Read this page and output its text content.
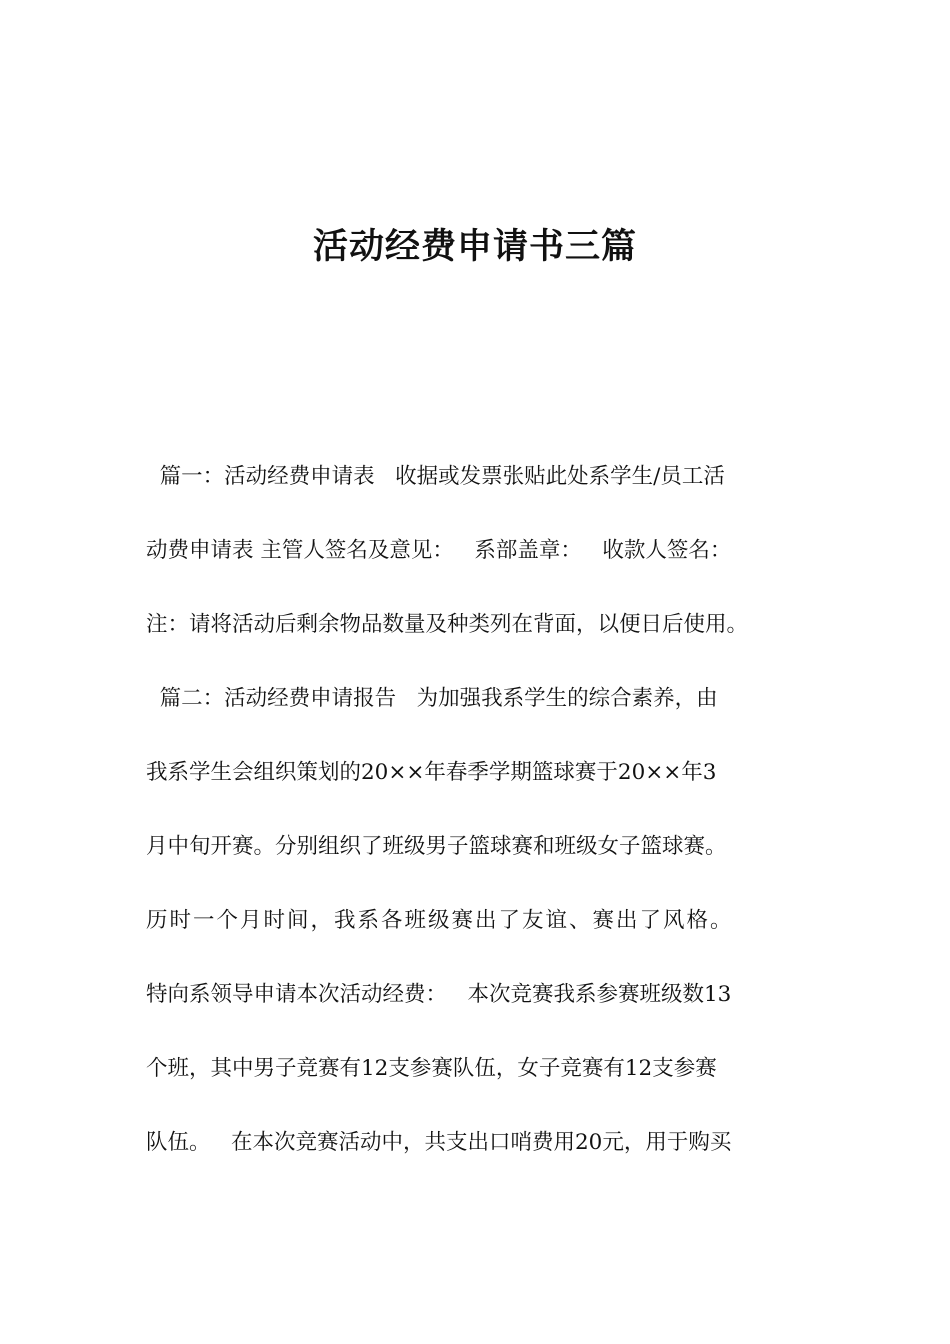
活动经费申请书三篇
篇一：活动经费申请表   收据或发票张贴此处系学生/员工活
动费申请表 主管人签名及意见：   系部盖章：   收款人签名：
注：请将活动后剩余物品数量及种类列在背面，以便日后使用。
篇二：活动经费申请报告   为加强我系学生的综合素养，由
我系学生会组织策划的20××年春季学期篮球赛于20××年3
月中旬开赛。分别组织了班级男子篮球赛和班级女子篮球赛。
历时一个月时间，我系各班级赛出了友谊、赛出了风格。
特向系领导申请本次活动经费：   本次竞赛我系参赛班级数13
个班，其中男子竞赛有12支参赛队伍，女子竞赛有12支参赛
队伍。   在本次竞赛活动中，共支出口哨费用20元，用于购买
